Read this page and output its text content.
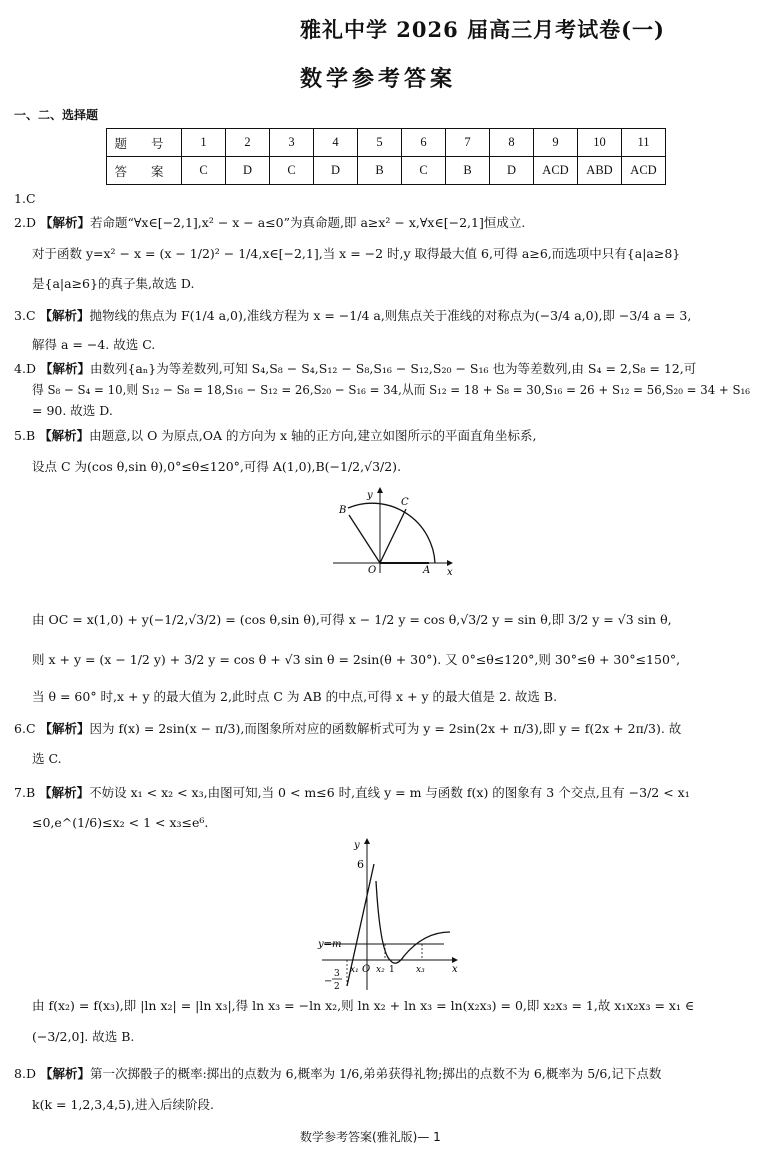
雅礼中学 2026 届高三月考试卷(一)
数学参考答案
一、二、选择题
题 号	1	2	3	4	5	6	7	8	9	10	11
答 案	C	D	C	D	B	C	B	D	ACD	ABD	ACD
1.C
2.D 【解析】若命题“∀x∈[−2,1],x² − x − a≤0”为真命题,即 a≥x² − x,∀x∈[−2,1]恒成立.
对于函数 y=x² − x = (x − 1/2)² − 1/4,x∈[−2,1],当 x = −2 时,y 取得最大值 6,可得 a≥6,而选项中只有{a|a≥8}
是{a|a≥6}的真子集,故选 D.
3.C 【解析】抛物线的焦点为 F(1/4 a,0),准线方程为 x = −1/4 a,则焦点关于准线的对称点为(−3/4 a,0),即 −3/4 a = 3,
解得 a = −4. 故选 C.
4.D 【解析】由数列{aₙ}为等差数列,可知 S₄,S₈ − S₄,S₁₂ − S₈,S₁₆ − S₁₂,S₂₀ − S₁₆ 也为等差数列,由 S₄ = 2,S₈ = 12,可
得 S₈ − S₄ = 10,则 S₁₂ − S₈ = 18,S₁₆ − S₁₂ = 26,S₂₀ − S₁₆ = 34,从而 S₁₂ = 18 + S₈ = 30,S₁₆ = 26 + S₁₂ = 56,S₂₀ = 34 + S₁₆
= 90. 故选 D.
5.B 【解析】由题意,以 O 为原点,OA 的方向为 x 轴的正方向,建立如图所示的平面直角坐标系,
设点 C 为(cos θ,sin θ),0°≤θ≤120°,可得 A(1,0),B(−1/2,√3/2).
y
x
O	A
B
C
由 OC = x(1,0) + y(−1/2,√3/2) = (cos θ,sin θ),可得 x − 1/2 y = cos θ,√3/2 y = sin θ,即 3/2 y = √3 sin θ,
则 x + y = (x − 1/2 y) + 3/2 y = cos θ + √3 sin θ = 2sin(θ + 30°). 又 0°≤θ≤120°,则 30°≤θ + 30°≤150°,
当 θ = 60° 时,x + y 的最大值为 2,此时点 C 为 AB 的中点,可得 x + y 的最大值是 2. 故选 B.
6.C 【解析】因为 f(x) = 2sin(x − π/3),而图象所对应的函数解析式可为 y = 2sin(2x + π/3),即 y = f(2x + 2π/3). 故
选 C.
7.B 【解析】不妨设 x₁ < x₂ < x₃,由图可知,当 0 < m≤6 时,直线 y = m 与函数 f(x) 的图象有 3 个交点,且有 −3/2 < x₁
≤0,e^(1/6)≤x₂ < 1 < x₃≤e⁶.
y
x
6
y=m
O
x₁ x₂ 1 x₃
−
3
2
由 f(x₂) = f(x₃),即 |ln x₂| = |ln x₃|,得 ln x₃ = −ln x₂,则 ln x₂ + ln x₃ = ln(x₂x₃) = 0,即 x₂x₃ = 1,故 x₁x₂x₃ = x₁ ∈
(−3/2,0]. 故选 B.
8.D 【解析】第一次掷骰子的概率:掷出的点数为 6,概率为 1/6,弟弟获得礼物;掷出的点数不为 6,概率为 5/6,记下点数
k(k = 1,2,3,4,5),进入后续阶段.
数学参考答案(雅礼版)— 1
